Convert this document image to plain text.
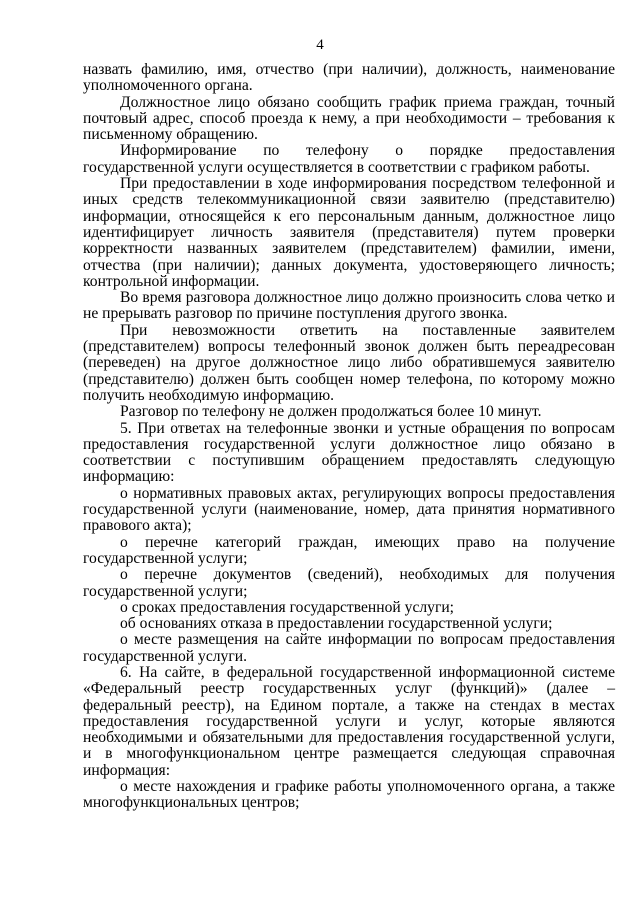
4

назвать фамилию, имя, отчество (при наличии), должность, наименование уполномоченного органа.

Должностное лицо обязано сообщить график приема граждан, точный почтовый адрес, способ проезда к нему, а при необходимости – требования к письменному обращению.

Информирование по телефону о порядке предоставления государственной услуги осуществляется в соответствии с графиком работы.

При предоставлении в ходе информирования посредством телефонной и иных средств телекоммуникационной связи заявителю (представителю) информации, относящейся к его персональным данным, должностное лицо идентифицирует личность заявителя (представителя) путем проверки корректности названных заявителем (представителем) фамилии, имени, отчества (при наличии); данных документа, удостоверяющего личность; контрольной информации.

Во время разговора должностное лицо должно произносить слова четко и не прерывать разговор по причине поступления другого звонка.

При невозможности ответить на поставленные заявителем (представителем) вопросы телефонный звонок должен быть переадресован (переведен) на другое должностное лицо либо обратившемуся заявителю (представителю) должен быть сообщен номер телефона, по которому можно получить необходимую информацию.

Разговор по телефону не должен продолжаться более 10 минут.

5. При ответах на телефонные звонки и устные обращения по вопросам предоставления государственной услуги должностное лицо обязано в соответствии с поступившим обращением предоставлять следующую информацию:

о нормативных правовых актах, регулирующих вопросы предоставления государственной услуги (наименование, номер, дата принятия нормативного правового акта);

о перечне категорий граждан, имеющих право на получение государственной услуги;

о перечне документов (сведений), необходимых для получения государственной услуги;

о сроках предоставления государственной услуги;

об основаниях отказа в предоставлении государственной услуги;

о месте размещения на сайте информации по вопросам предоставления государственной услуги.

6. На сайте, в федеральной государственной информационной системе «Федеральный реестр государственных услуг (функций)» (далее – федеральный реестр), на Едином портале, а также на стендах в местах предоставления государственной услуги и услуг, которые являются необходимыми и обязательными для предоставления государственной услуги, и в многофункциональном центре размещается следующая справочная информация:

о месте нахождения и графике работы уполномоченного органа, а также многофункциональных центров;
